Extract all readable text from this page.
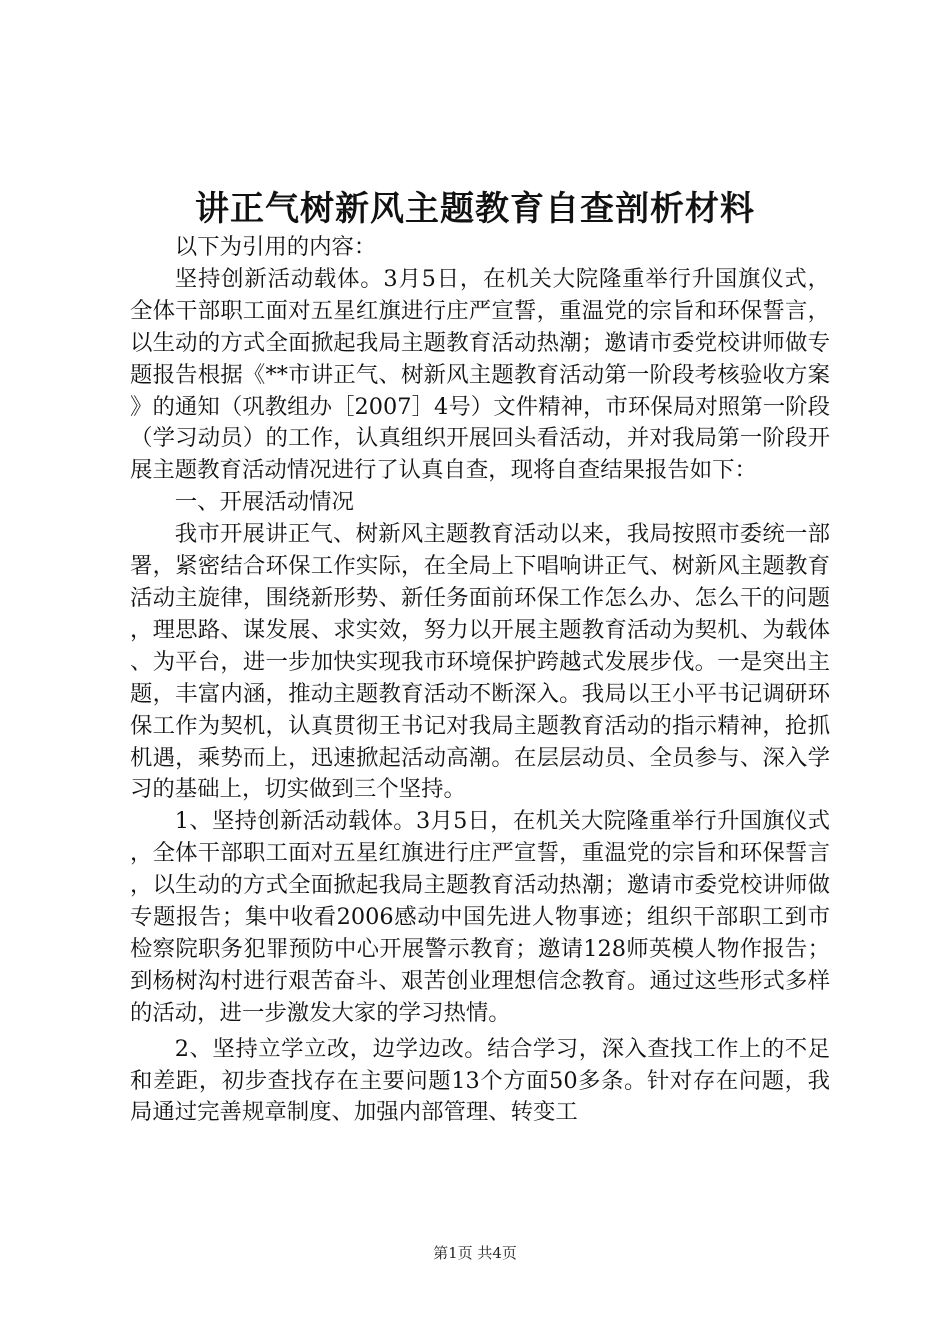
讲正气树新风主题教育自查剖析材料

以下为引用的内容：

坚持创新活动载体。3月5日，在机关大院隆重举行升国旗仪式，全体干部职工面对五星红旗进行庄严宣誓，重温党的宗旨和环保誓言，以生动的方式全面掀起我局主题教育活动热潮；邀请市委党校讲师做专题报告根据《**市讲正气、树新风主题教育活动第一阶段考核验收方案》的通知（巩教组办［2007］4号）文件精神，市环保局对照第一阶段（学习动员）的工作，认真组织开展回头看活动，并对我局第一阶段开展主题教育活动情况进行了认真自查，现将自查结果报告如下：

一、开展活动情况

我市开展讲正气、树新风主题教育活动以来，我局按照市委统一部署，紧密结合环保工作实际，在全局上下唱响讲正气、树新风主题教育活动主旋律，围绕新形势、新任务面前环保工作怎么办、怎么干的问题，理思路、谋发展、求实效，努力以开展主题教育活动为契机、为载体、为平台，进一步加快实现我市环境保护跨越式发展步伐。一是突出主题，丰富内涵，推动主题教育活动不断深入。我局以王小平书记调研环保工作为契机，认真贯彻王书记对我局主题教育活动的指示精神，抢抓机遇，乘势而上，迅速掀起活动高潮。在层层动员、全员参与、深入学习的基础上，切实做到三个坚持。

1、坚持创新活动载体。3月5日，在机关大院隆重举行升国旗仪式，全体干部职工面对五星红旗进行庄严宣誓，重温党的宗旨和环保誓言，以生动的方式全面掀起我局主题教育活动热潮；邀请市委党校讲师做专题报告；集中收看2006感动中国先进人物事迹；组织干部职工到市检察院职务犯罪预防中心开展警示教育；邀请128师英模人物作报告；到杨树沟村进行艰苦奋斗、艰苦创业理想信念教育。通过这些形式多样的活动，进一步激发大家的学习热情。

2、坚持立学立改，边学边改。结合学习，深入查找工作上的不足和差距，初步查找存在主要问题13个方面50多条。针对存在问题，我局通过完善规章制度、加强内部管理、转变工

第1页 共4页
